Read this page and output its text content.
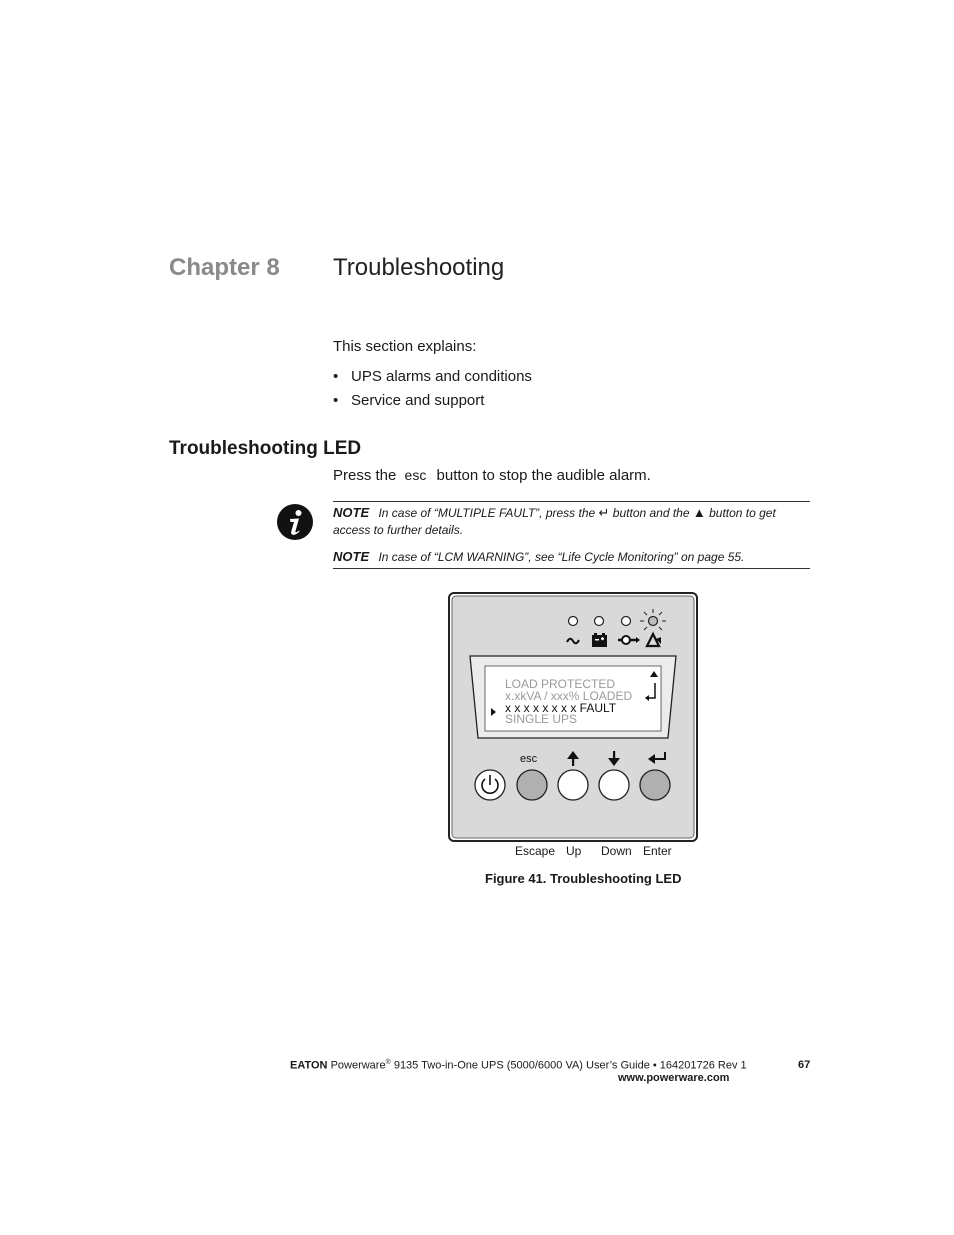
Chapter 8 Troubleshooting
This section explains:
• UPS alarms and conditions
• Service and support
Troubleshooting LED
Press the esc button to stop the audible alarm.
NOTE In case of “MULTIPLE FAULT”, press the ↵ button and the ▲ button to get access to further details.
NOTE In case of “LCM WARNING”, see “Life Cycle Monitoring” on page 55.
LOAD PROTECTED
x.xkVA / xxx% LOADED
x x x x x x x x FAULT
SINGLE UPS
esc
Escape Up Down Enter
Figure 41. Troubleshooting LED
EATON Powerware® 9135 Two-in-One UPS (5000/6000 VA) User’s Guide • 164201726 Rev 1	67
www.powerware.com
